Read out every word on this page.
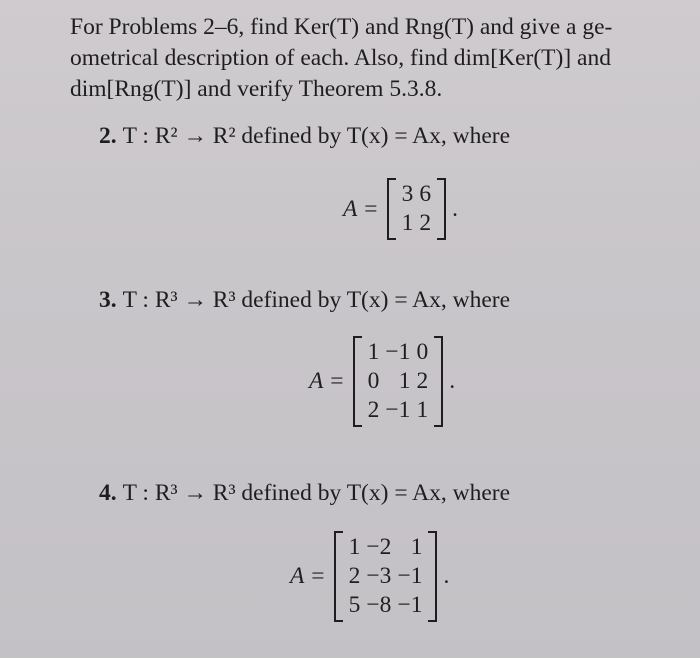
For Problems 2–6, find Ker(T) and Rng(T) and give a ge-
ometrical description of each. Also, find dim[Ker(T)] and
dim[Rng(T)] and verify Theorem 5.3.8.
2. T : R² → R² defined by T(x) = Ax, where
A =
3 6
1 2
.
3. T : R³ → R³ defined by T(x) = Ax, where
A =
1 −1 0
0 1 2
2 −1 1
.
4. T : R³ → R³ defined by T(x) = Ax, where
A =
1 −2 1
2 −3 −1
5 −8 −1
.
